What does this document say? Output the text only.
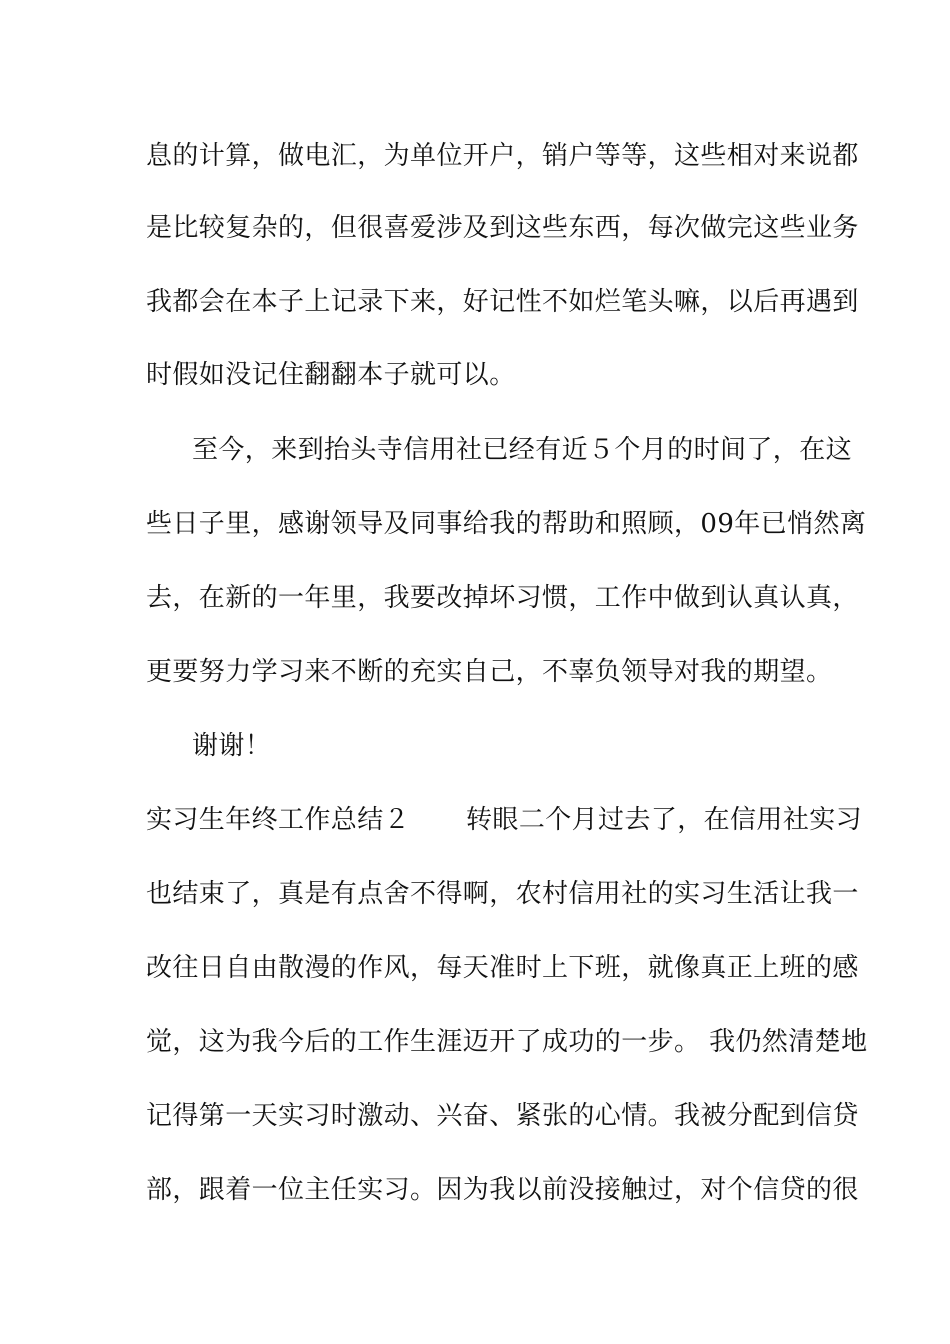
息的计算，做电汇，为单位开户，销户等等，这些相对来说都
是比较复杂的，但很喜爱涉及到这些东西，每次做完这些业务
我都会在本子上记录下来，好记性不如烂笔头嘛，以后再遇到
时假如没记住翻翻本子就可以。
至今，来到抬头寺信用社已经有近５个月的时间了，在这
些日子里，感谢领导及同事给我的帮助和照顾，09年已悄然离
去，在新的一年里，我要改掉坏习惯，工作中做到认真认真，
更要努力学习来不断的充实自己，不辜负领导对我的期望。
谢谢！
实习生年终工作总结２ 转眼二个月过去了，在信用社实习
也结束了，真是有点舍不得啊，农村信用社的实习生活让我一
改往日自由散漫的作风，每天准时上下班，就像真正上班的感
觉，这为我今后的工作生涯迈开了成功的一步。 我仍然清楚地
记得第一天实习时激动、兴奋、紧张的心情。我被分配到信贷
部，跟着一位主任实习。因为我以前没接触过，对个信贷的很
